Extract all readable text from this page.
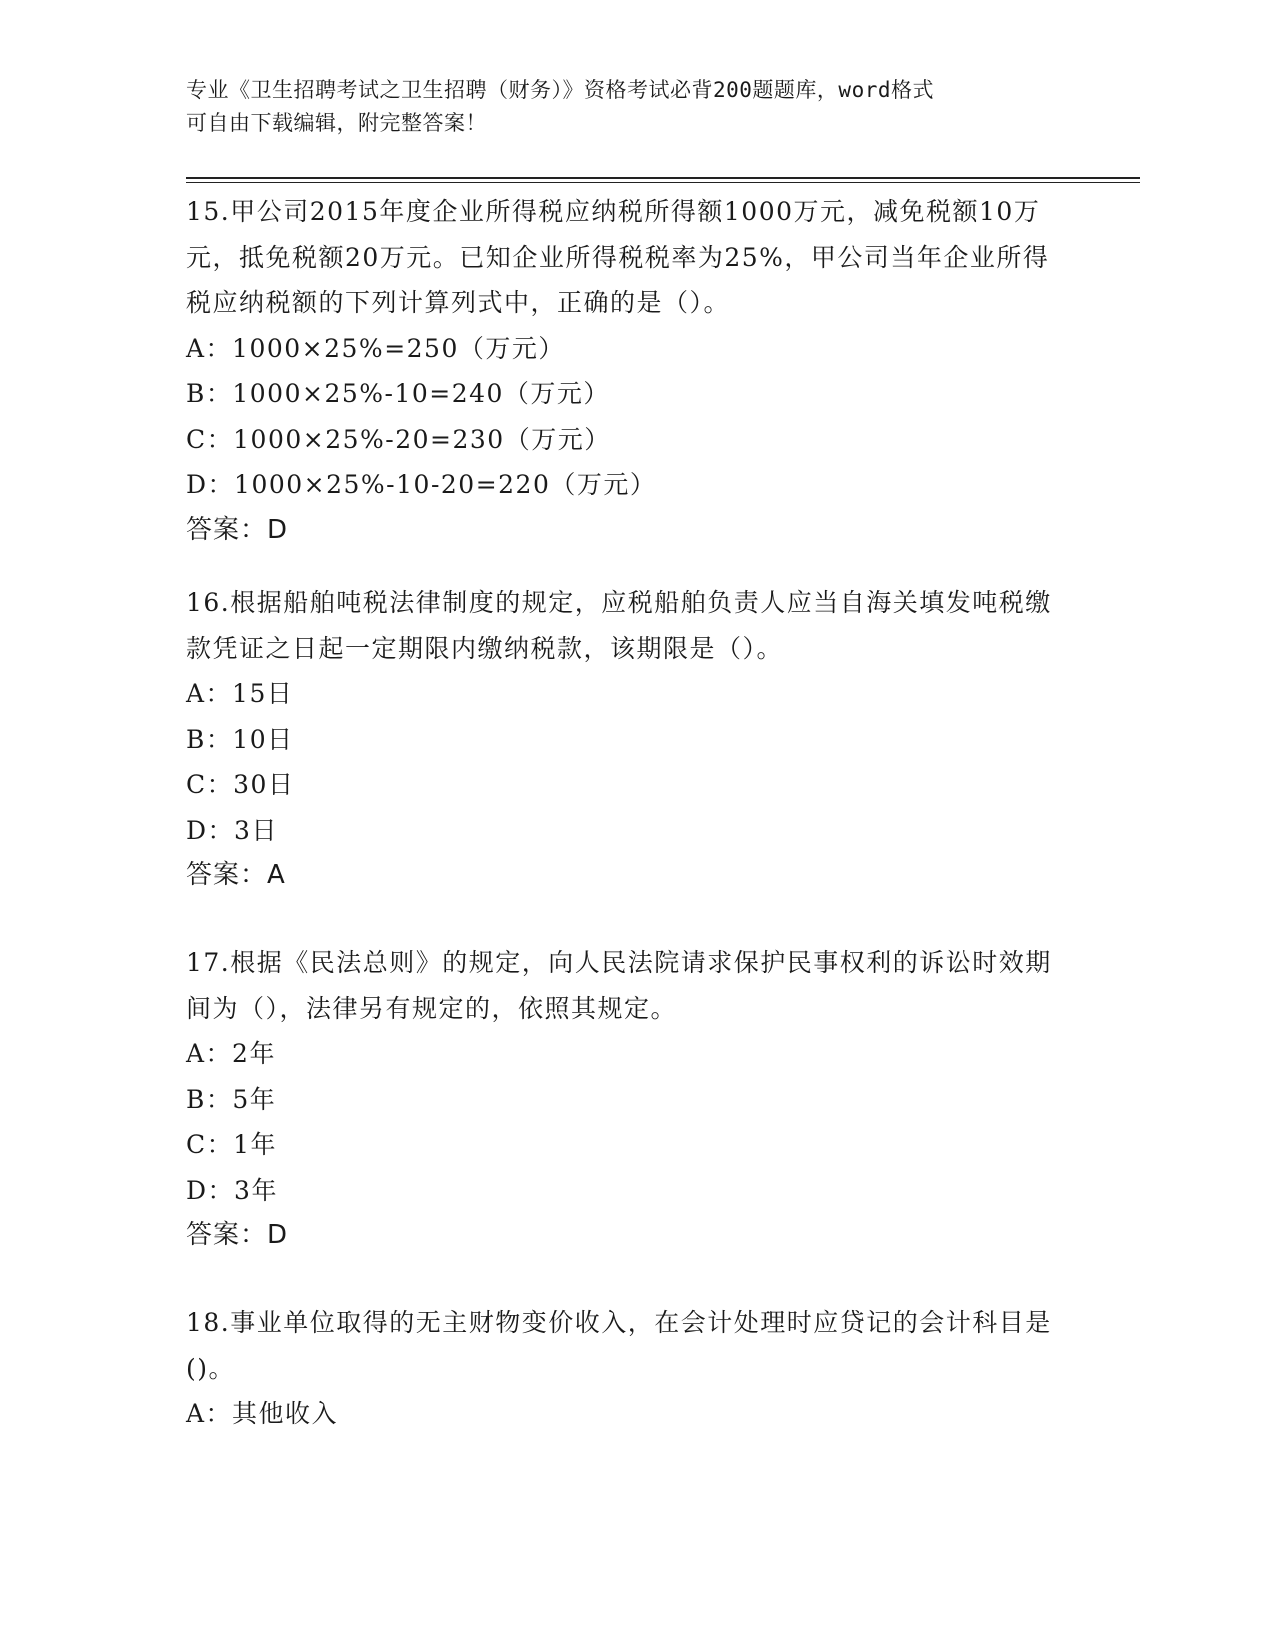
专业《卫生招聘考试之卫生招聘（财务）》资格考试必背200题题库，word格式
可自由下载编辑，附完整答案！
15.甲公司2015年度企业所得税应纳税所得额1000万元，减免税额10万元，抵免税额20万元。已知企业所得税税率为25%，甲公司当年企业所得税应纳税额的下列计算列式中，正确的是（）。
A：1000×25%=250（万元）
B：1000×25%-10=240（万元）
C：1000×25%-20=230（万元）
D：1000×25%-10-20=220（万元）
答案：D
16.根据船舶吨税法律制度的规定，应税船舶负责人应当自海关填发吨税缴款凭证之日起一定期限内缴纳税款，该期限是（）。
A：15日
B：10日
C：30日
D：3日
答案：A
17.根据《民法总则》的规定，向人民法院请求保护民事权利的诉讼时效期间为（），法律另有规定的，依照其规定。
A：2年
B：5年
C：1年
D：3年
答案：D
18.事业单位取得的无主财物变价收入，在会计处理时应贷记的会计科目是()。
A：其他收入
